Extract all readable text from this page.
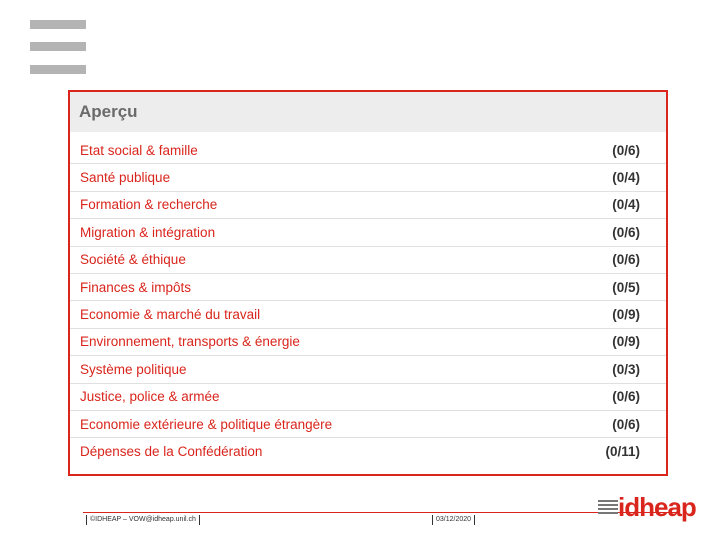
Aperçu
Etat social & famille	(0/6)
Santé publique	(0/4)
Formation & recherche	(0/4)
Migration & intégration	(0/6)
Société & éthique	(0/6)
Finances & impôts	(0/5)
Economie & marché du travail	(0/9)
Environnement, transports & énergie	(0/9)
Système politique	(0/3)
Justice, police & armée	(0/6)
Economie extérieure & politique étrangère	(0/6)
Dépenses de la Confédération	(0/11)
©IDHEAP – VOW@idheap.unil.ch	03/12/2020	idheap
